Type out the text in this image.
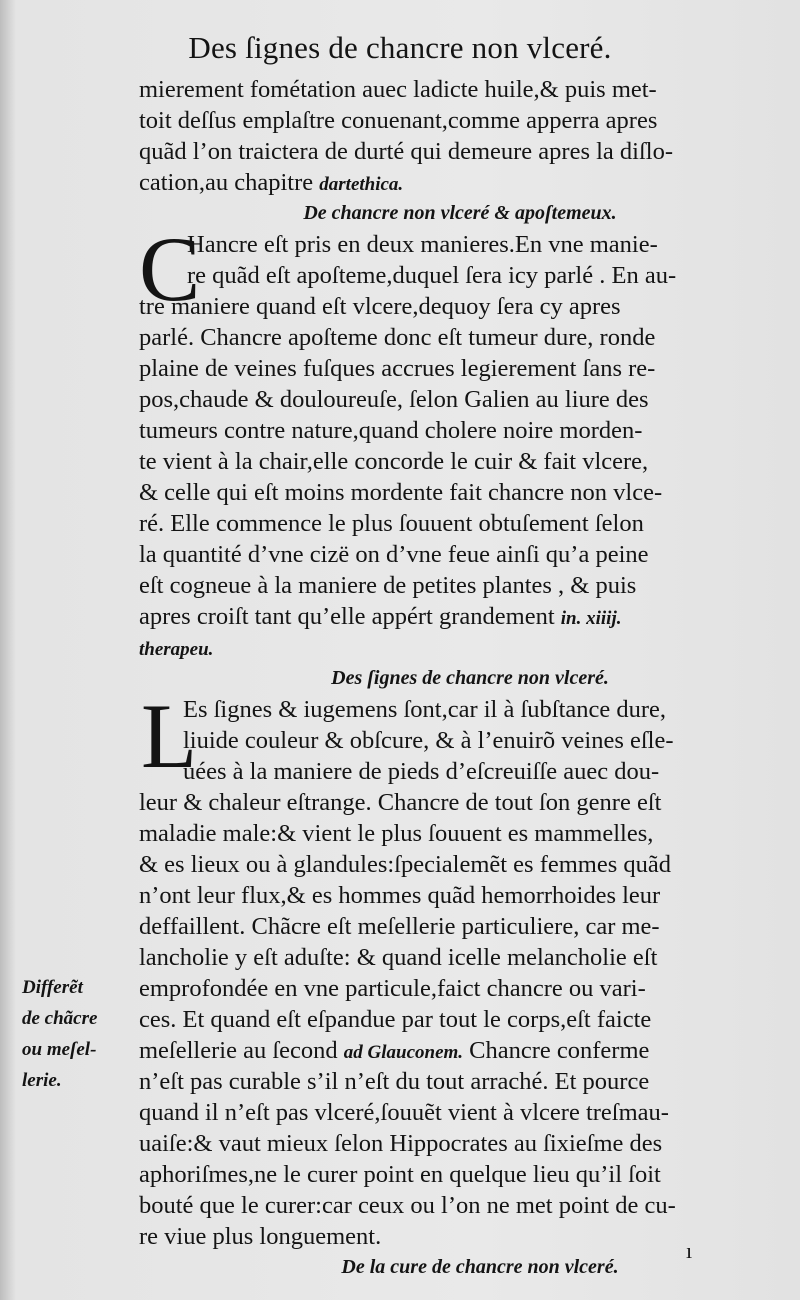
Des ſignes de chancre non vlceré.
mierement fométation auec ladicte huile,& puis met-
toit deſſus emplaſtre conuenant,comme apperra apres
quãd l’on traictera de durté qui demeure apres la diſlo-
cation,au chapitre dartethica.
De chancre non vlceré & apoſtemeux.
C
Hancre eſt pris en deux manieres.En vne manie-
re quãd eſt apoſteme,duquel ſera icy parlé . En au-
tre maniere quand eſt vlcere,dequoy ſera cy apres
parlé. Chancre apoſteme donc eſt tumeur dure, ronde
plaine de veines fuſques accrues legierement ſans re-
pos,chaude & douloureuſe, ſelon Galien au liure des
tumeurs contre nature,quand cholere noire morden-
te vient à la chair,elle concorde le cuir & fait vlcere,
& celle qui eſt moins mordente fait chancre non vlce-
ré. Elle commence le plus ſouuent obtuſement ſelon
la quantité d’vne cizë on d’vne feue ainſi qu’a peine
eſt cogneue à la maniere de petites plantes , & puis
apres croiſt tant qu’elle appért grandement in. xiiij.
therapeu.
Des ſignes de chancre non vlceré.
L
Es ſignes & iugemens ſont,car il à ſubſtance dure,
liuide couleur & obſcure, & à l’enuirõ veines eſle-
uées à la maniere de pieds d’eſcreuiſſe auec dou-
leur & chaleur eſtrange. Chancre de tout ſon genre eſt
maladie male:& vient le plus ſouuent es mammelles,
& es lieux ou à glandules:ſpecialemẽt es femmes quãd
n’ont leur flux,& es hommes quãd hemorrhoides leur
deffaillent. Chãcre eſt meſellerie particuliere, car me-
lancholie y eſt aduſte: & quand icelle melancholie eſt
emprofondée en vne particule,faict chancre ou vari-
ces. Et quand eſt eſpandue par tout le corps,eſt faicte
meſellerie au ſecond ad Glauconem. Chancre conferme
n’eſt pas curable s’il n’eſt du tout arraché. Et pource
quand il n’eſt pas vlceré,ſouuẽt vient à vlcere treſmau-
uaiſe:& vaut mieux ſelon Hippocrates au ſixieſme des
aphoriſmes,ne le curer point en quelque lieu qu’il ſoit
bouté que le curer:car ceux ou l’on ne met point de cu-
re viue plus longuement.
De la cure de chancre non vlceré.
Differẽt
de chãcre
ou meſel-
lerie.
ı
